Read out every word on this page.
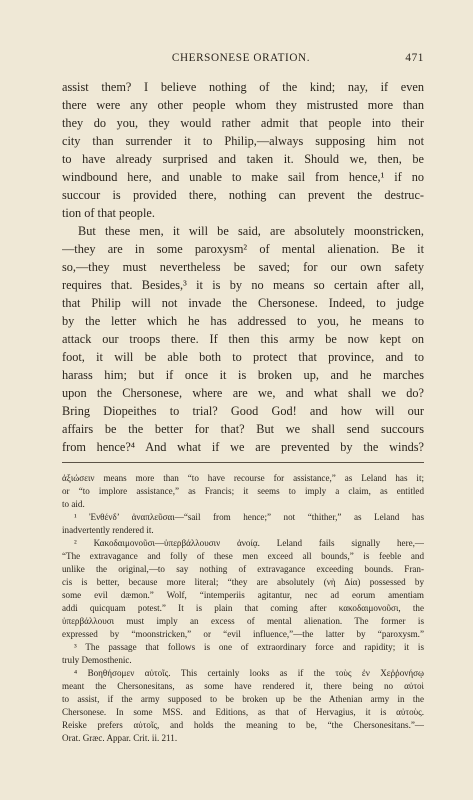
CHERSONESE ORATION.	471
assist them? I believe nothing of the kind; nay, if even
there were any other people whom they mistrusted more than
they do you, they would rather admit that people into their
city than surrender it to Philip,—always supposing him not
to have already surprised and taken it. Should we, then, be
windbound here, and unable to make sail from hence,¹ if no
succour is provided there, nothing can prevent the destruc-
tion of that people.
But these men, it will be said, are absolutely moonstricken,
—they are in some paroxysm² of mental alienation. Be it
so,—they must nevertheless be saved; for our own safety
requires that. Besides,³ it is by no means so certain after all,
that Philip will not invade the Chersonese. Indeed, to judge
by the letter which he has addressed to you, he means to
attack our troops there. If then this army be now kept on
foot, it will be able both to protect that province, and to
harass him; but if once it is broken up, and he marches
upon the Chersonese, where are we, and what shall we do?
Bring Diopeithes to trial? Good God! and how will our
affairs be the better for that? But we shall send succours
from hence?⁴ And what if we are prevented by the winds?
ἀξιώσειν means more than “to have recourse for assistance,” as Leland has it;
or “to implore assistance,” as Francis; it seems to imply a claim, as entitled
to aid.
¹ Ἐνθένδ’ ἀναπλεῦσαι—“sail from hence;” not “thither,” as Leland has
inadvertently rendered it.
² Κακοδαιμονοῦσι—ὑπερβάλλουσιν ἀνοίᾳ. Leland fails signally here,—
“The extravagance and folly of these men exceed all bounds,” is feeble and
unlike the original,—to say nothing of extravagance exceeding bounds. Fran-
cis is better, because more literal; “they are absolutely (νὴ Δία) possessed by
some evil dæmon.” Wolf, “intemperiis agitantur, nec ad eorum amentiam
addi quicquam potest.” It is plain that coming after κακοδαιμονοῦσι, the
ὑπερβάλλουσι must imply an excess of mental alienation. The former is
expressed by “moonstricken,” or “evil influence,”—the latter by “paroxysm.”
³ The passage that follows is one of extraordinary force and rapidity; it is
truly Demosthenic.
⁴ Βοηθήσομεν αὐτοῖς. This certainly looks as if the τοὺς ἐν Χεῤῥονήσῳ
meant the Chersonesitans, as some have rendered it, there being no αὐτοὶ
to assist, if the army supposed to be broken up be the Athenian army in the
Chersonese. In some MSS. and Editions, as that of Hervagius, it is αὐτοὺς.
Reiske prefers αὐτοῖς, and holds the meaning to be, “the Chersonesitans.”—
Orat. Græc. Appar. Crit. ii. 211.
